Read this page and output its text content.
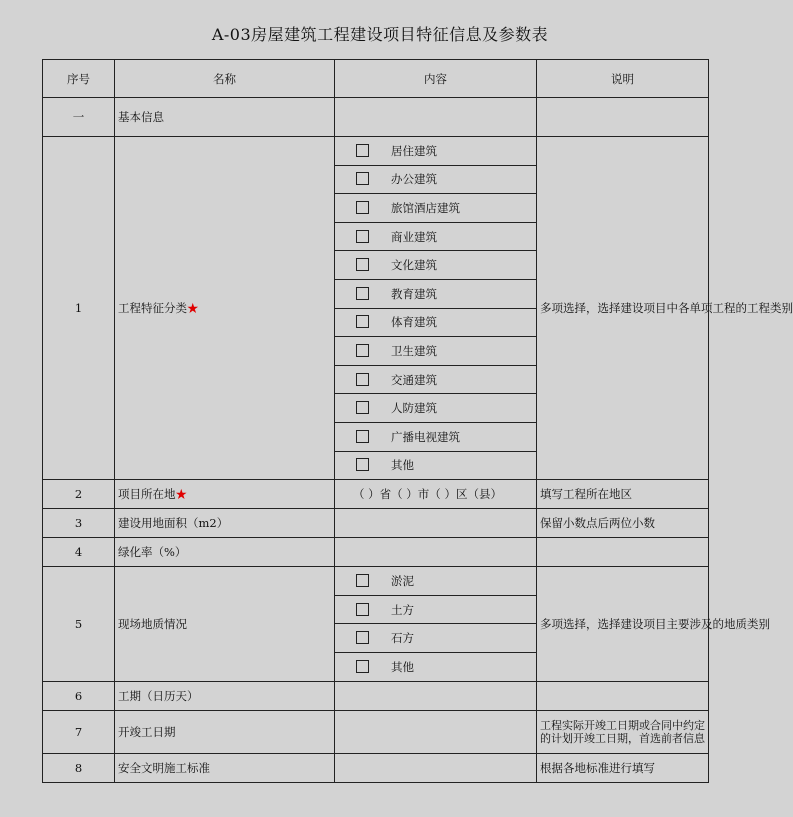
A-03房屋建筑工程建设项目特征信息及参数表
序号	名称	内容	说明
一	基本信息		
1	工程特征分类★	居住建筑	多项选择，选择建设项目中各单项工程的工程类别
		办公建筑	
		旅馆酒店建筑	
		商业建筑	
		文化建筑	
		教育建筑	
		体育建筑	
		卫生建筑	
		交通建筑	
		人防建筑	
		广播电视建筑	
		其他	
2	项目所在地★	（ ）省（ ）市（ ）区（县）	填写工程所在地区
3	建设用地面积（m2）		保留小数点后两位小数
4	绿化率（%）		
5	现场地质情况	淤泥	多项选择，选择建设项目主要涉及的地质类别
		土方	
		石方	
		其他	
6	工期（日历天）		
7	开竣工日期		工程实际开竣工日期或合同中约定的计划开竣工日期，首选前者信息
8	安全文明施工标准		根据各地标准进行填写
